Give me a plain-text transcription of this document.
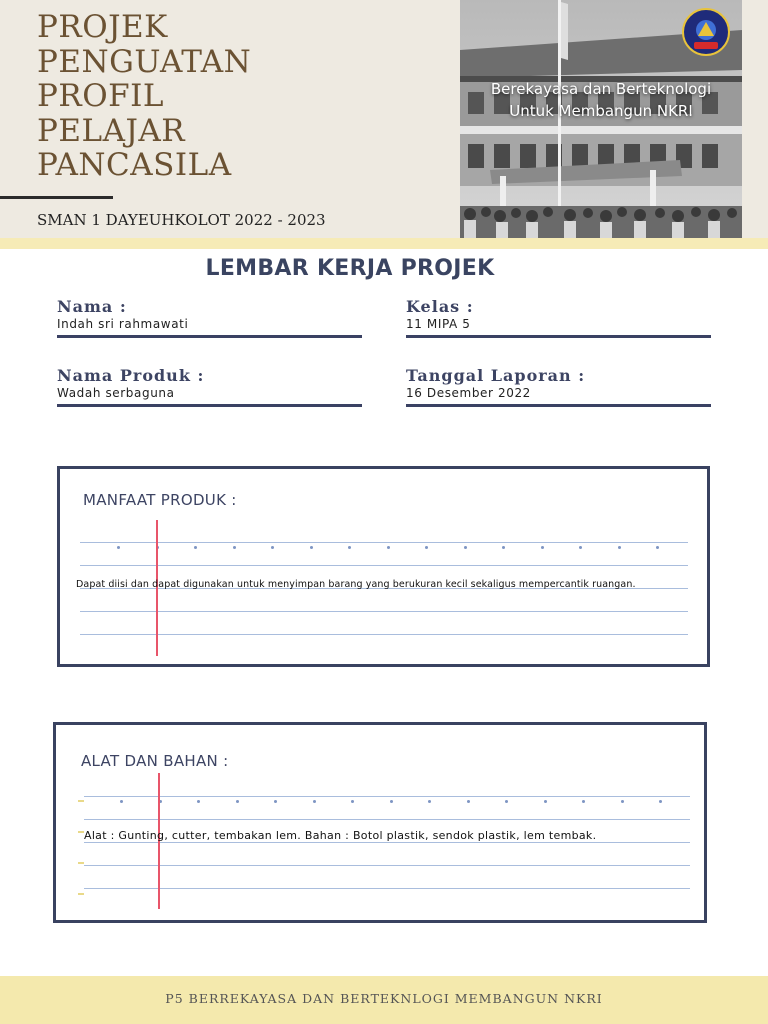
PROJEK
PENGUATAN
PROFIL
PELAJAR
PANCASILA
SMAN 1 DAYEUHKOLOT 2022 - 2023
Berekayasa dan Berteknologi
Untuk Membangun NKRI
LEMBAR KERJA PROJEK
Nama :
Indah sri rahmawati
Kelas :
11 MIPA 5
Nama Produk :
Wadah serbaguna
Tanggal Laporan :
16 Desember 2022
MANFAAT PRODUK :
Dapat diisi dan dapat digunakan untuk menyimpan barang yang berukuran kecil sekaligus mempercantik ruangan.
ALAT DAN BAHAN :
Alat : Gunting, cutter, tembakan lem. Bahan : Botol plastik, sendok plastik, lem tembak.
P5 BERREKAYASA DAN BERTEKNLOGI MEMBANGUN NKRI
